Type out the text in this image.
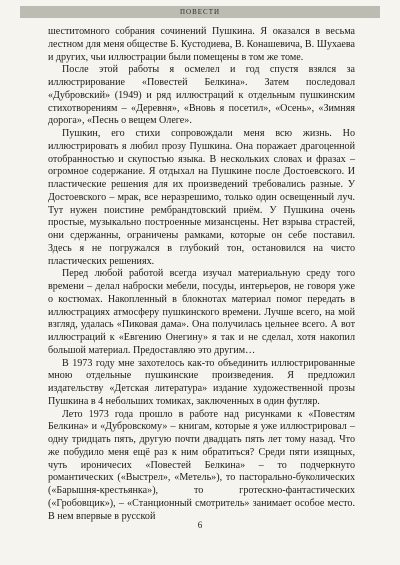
ПОВЕСТИ

шеститомного собрания сочинений Пушкина. Я оказался в весьма лестном для меня обществе Б. Кустодиева, В. Конашевича, В. Шухаева и других, чьи иллюстрации были помещены в том же томе.

После этой работы я осмелел и год спустя взялся за иллюстрирование «Повестей Белкина». Затем последовал «Дубровский» (1949) и ряд иллюстраций к отдельным пушкинским стихотворениям – «Деревня», «Вновь я посетил», «Осень», «Зимняя дорога», «Песнь о вещем Олеге».

Пушкин, его стихи сопровождали меня всю жизнь. Но иллюстрировать я любил прозу Пушкина. Она поражает драгоценной отобранностью и скупостью языка. В нескольких словах и фразах – огромное содержание. Я отдыхал на Пушкине после Достоевского. И пластические решения для их произведений требовались разные. У Достоевского – мрак, все неразрешимо, только один освещенный луч. Тут нужен поистине рембрандтовский приём. У Пушкина очень простые, музыкально построенные мизансцены. Нет взрыва страстей, они сдержанны, ограничены рамками, которые он себе поставил. Здесь я не погружался в глубокий тон, остановился на чисто пластических решениях.

Перед любой работой всегда изучал материальную среду того времени – делал наброски мебели, посуды, интерьеров, не говоря уже о костюмах. Накопленный в блокнотах материал помог передать в иллюстрациях атмосферу пушкинского времени. Лучше всего, на мой взгляд, удалась «Пиковая дама». Она получилась цельнее всего. А вот иллюстраций к «Евгению Онегину» я так и не сделал, хотя накопил большой материал. Предоставляю это другим…

В 1973 году мне захотелось как-то объединить иллюстрированные мною отдельные пушкинские произведения. Я предложил издательству «Детская литература» издание художественной прозы Пушкина в 4 небольших томиках, заключенных в один футляр.

Лето 1973 года прошло в работе над рисунками к «Повестям Белкина» и «Дубровскому» – книгам, которые я уже иллюстрировал – одну тридцать пять, другую почти двадцать пять лет тому назад. Что же побудило меня ещё раз к ним обратиться? Среди пяти изящных, чуть ироничесих «Повестей Белкина» – то подчеркнуто романтических («Выстрел», «Метель»), то пасторально-буколических («Барышня-крестьянка»), то гротескно-фантастических («Гробовщик»), – «Станционный смотритель» занимает особое место. В нем впервые в русской

6
